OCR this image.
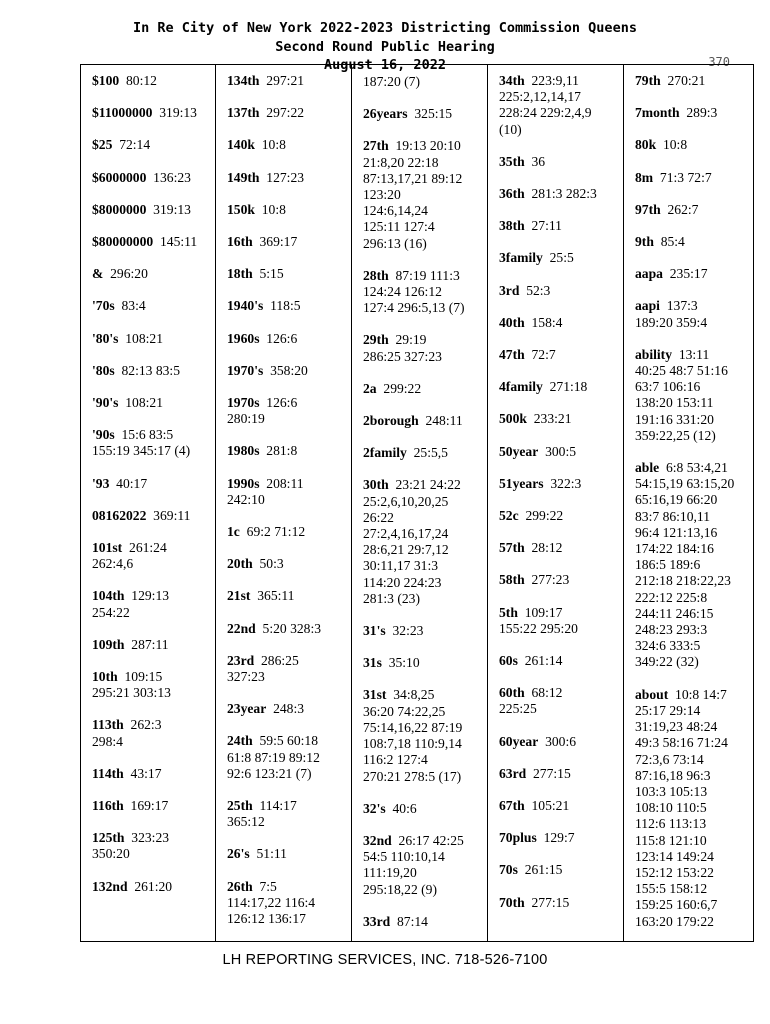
In Re City of New York 2022-2023 Districting Commission Queens
Second Round Public Hearing
August 16, 2022	370
$100 80:12
$11000000 319:13
$25 72:14
$6000000 136:23
$8000000 319:13
$80000000 145:11
& 296:20
'70s 83:4
'80's 108:21
'80s 82:13 83:5
'90's 108:21
'90s 15:6 83:5
155:19 345:17 (4)
'93 40:17
08162022 369:11
101st 261:24
262:4,6
104th 129:13
254:22
109th 287:11
10th 109:15
295:21 303:13
113th 262:3
298:4
114th 43:17
116th 169:17
125th 323:23
350:20
132nd 261:20
134th 297:21
137th 297:22
140k 10:8
149th 127:23
150k 10:8
16th 369:17
18th 5:15
1940's 118:5
1960s 126:6
1970's 358:20
1970s 126:6
280:19
1980s 281:8
1990s 208:11
242:10
1c 69:2 71:12
20th 50:3
21st 365:11
22nd 5:20 328:3
23rd 286:25
327:23
23year 248:3
24th 59:5 60:18
61:8 87:19 89:12
92:6 123:21 (7)
25th 114:17
365:12
26's 51:11
26th 7:5
114:17,22 116:4
126:12 136:17
187:20 (7)
26years 325:15
27th 19:13 20:10
21:8,20 22:18
87:13,17,21 89:12
123:20
124:6,14,24
125:11 127:4
296:13 (16)
28th 87:19 111:3
124:24 126:12
127:4 296:5,13 (7)
29th 29:19
286:25 327:23
2a 299:22
2borough 248:11
2family 25:5,5
30th 23:21 24:22
25:2,6,10,20,25
26:22
27:2,4,16,17,24
28:6,21 29:7,12
30:11,17 31:3
114:20 224:23
281:3 (23)
31's 32:23
31s 35:10
31st 34:8,25
36:20 74:22,25
75:14,16,22 87:19
108:7,18 110:9,14
116:2 127:4
270:21 278:5 (17)
32's 40:6
32nd 26:17 42:25
54:5 110:10,14
111:19,20
295:18,22 (9)
33rd 87:14
34th 223:9,11
225:2,12,14,17
228:24 229:2,4,9
(10)
35th 36
36th 281:3 282:3
38th 27:11
3family 25:5
3rd 52:3
40th 158:4
47th 72:7
4family 271:18
500k 233:21
50year 300:5
51years 322:3
52c 299:22
57th 28:12
58th 277:23
5th 109:17
155:22 295:20
60s 261:14
60th 68:12
225:25
60year 300:6
63rd 277:15
67th 105:21
70plus 129:7
70s 261:15
70th 277:15
79th 270:21
7month 289:3
80k 10:8
8m 71:3 72:7
97th 262:7
9th 85:4
aapa 235:17
aapi 137:3
189:20 359:4
ability 13:11
40:25 48:7 51:16
63:7 106:16
138:20 153:11
191:16 331:20
359:22,25 (12)
able 6:8 53:4,21
54:15,19 63:15,20
65:16,19 66:20
83:7 86:10,11
96:4 121:13,16
174:22 184:16
186:5 189:6
212:18 218:22,23
222:12 225:8
244:11 246:15
248:23 293:3
324:6 333:5
349:22 (32)
about 10:8 14:7
25:17 29:14
31:19,23 48:24
49:3 58:16 71:24
72:3,6 73:14
87:16,18 96:3
103:3 105:13
108:10 110:5
112:6 113:13
115:8 121:10
123:14 149:24
152:12 153:22
155:5 158:12
159:25 160:6,7
163:20 179:22
LH REPORTING SERVICES, INC. 718-526-7100
